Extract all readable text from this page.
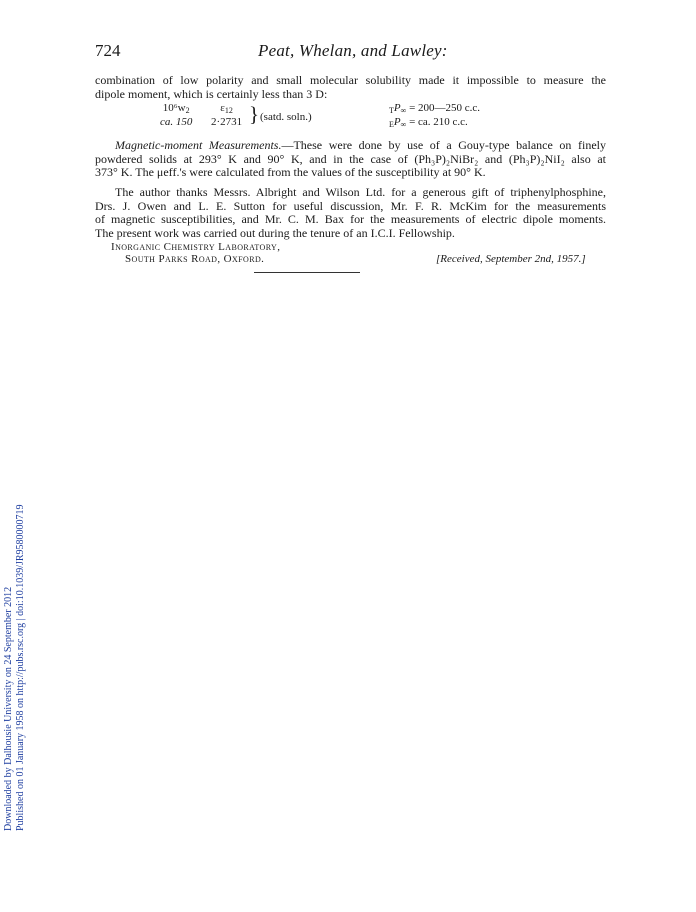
724	Peat, Whelan, and Lawley:
combination of low polarity and small molecular solubility made it impossible to measure the
dipole moment, which is certainly less than 3 D:
$10^6w_2$
ca. 150
$\varepsilon_{12}$
2·2731 } (satd. soln.)
$TP_\infty$ = 200—250 c.c.
$EP_\infty$ = ca. 210 c.c.
Magnetic-moment Measurements.—These were done by use of a Gouy-type balance on finely
powdered solids at 293° K and 90° K, and in the case of (Ph₃P)₂NiBr₂ and (Ph₃P)₂NiI₂ also at
373° K. The μeff.'s were calculated from the values of the susceptibility at 90° K.
The author thanks Messrs. Albright and Wilson Ltd. for a generous gift of triphenylphosphine,
Drs. J. Owen and L. E. Sutton for useful discussion, Mr. F. R. McKim for the measurements
of magnetic susceptibilities, and Mr. C. M. Bax for the measurements of electric dipole moments.
The present work was carried out during the tenure of an I.C.I. Fellowship.
Inorganic Chemistry Laboratory,
South Parks Road, Oxford.	[Received, September 2nd, 1957.]
Downloaded by Dalhousie University on 24 September 2012 Published on 01 January 1958 on http://pubs.rsc.org | doi:10.1039/JR9580000719
